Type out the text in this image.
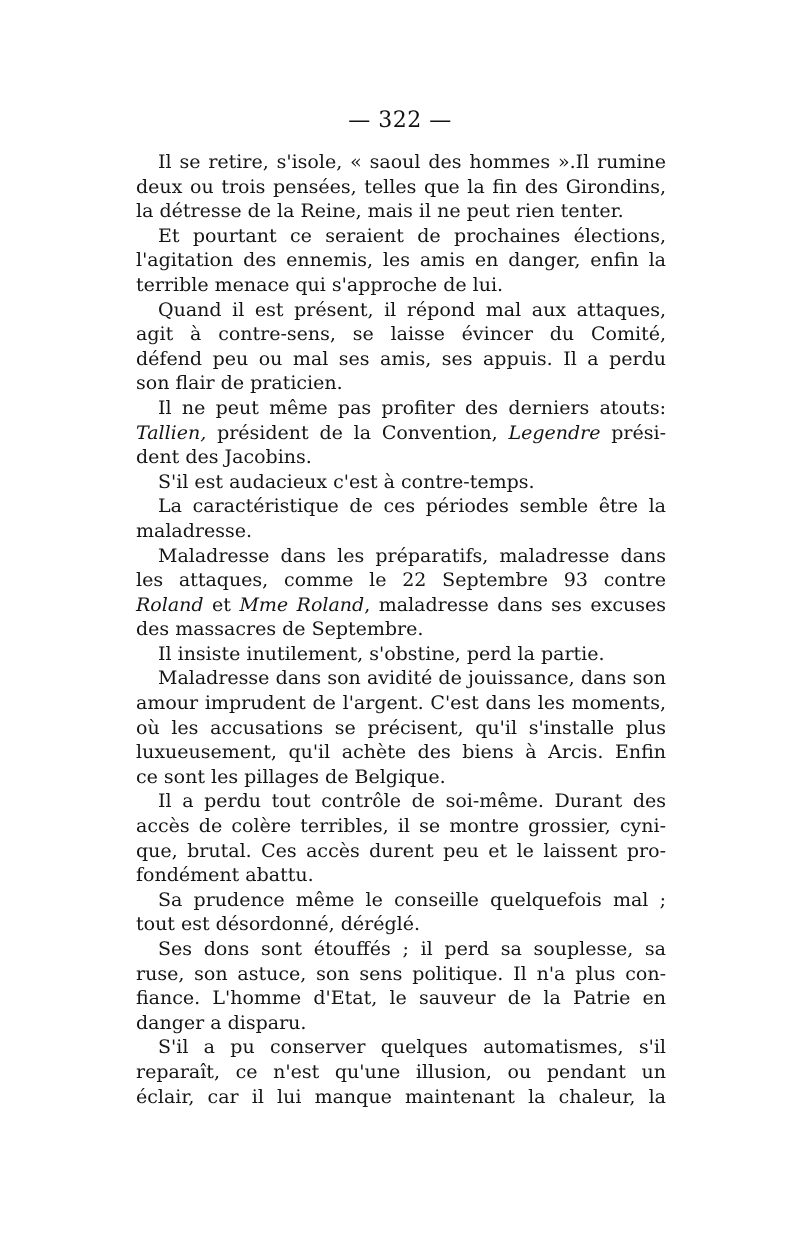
— 322 —
Il se retire, s'isole, « saoul des hommes ».Il rumine
deux ou trois pensées, telles que la fin des Girondins,
la détresse de la Reine, mais il ne peut rien tenter.
Et pourtant ce seraient de prochaines élections,
l'agitation des ennemis, les amis en danger, enfin la
terrible menace qui s'approche de lui.
Quand il est présent, il répond mal aux attaques,
agit à contre-sens, se laisse évincer du Comité,
défend peu ou mal ses amis, ses appuis. Il a perdu
son flair de praticien.
Il ne peut même pas profiter des derniers atouts:
Tallien, président de la Convention, Legendre prési-
dent des Jacobins.
S'il est audacieux c'est à contre-temps.
La caractéristique de ces périodes semble être la
maladresse.
Maladresse dans les préparatifs, maladresse dans
les attaques, comme le 22 Septembre 93 contre
Roland et Mme Roland, maladresse dans ses excuses
des massacres de Septembre.
Il insiste inutilement, s'obstine, perd la partie.
Maladresse dans son avidité de jouissance, dans son
amour imprudent de l'argent. C'est dans les moments,
où les accusations se précisent, qu'il s'installe plus
luxueusement, qu'il achète des biens à Arcis. Enfin
ce sont les pillages de Belgique.
Il a perdu tout contrôle de soi-même. Durant des
accès de colère terribles, il se montre grossier, cyni-
que, brutal. Ces accès durent peu et le laissent pro-
fondément abattu.
Sa prudence même le conseille quelquefois mal ;
tout est désordonné, déréglé.
Ses dons sont étouffés ; il perd sa souplesse, sa
ruse, son astuce, son sens politique. Il n'a plus con-
fiance. L'homme d'Etat, le sauveur de la Patrie en
danger a disparu.
S'il a pu conserver quelques automatismes, s'il
reparaît, ce n'est qu'une illusion, ou pendant un
éclair, car il lui manque maintenant la chaleur, la
